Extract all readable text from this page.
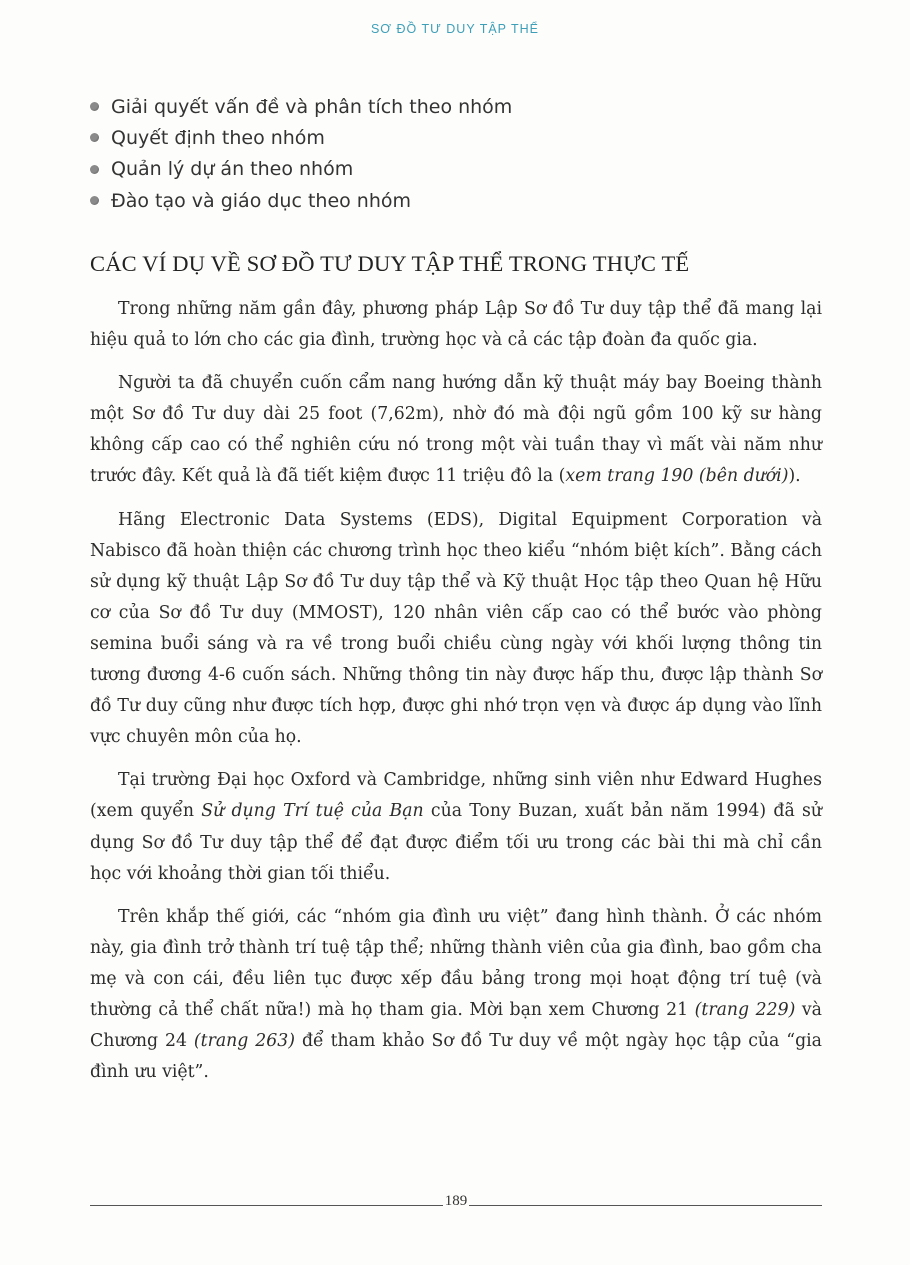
SƠ ĐỒ TƯ DUY TẬP THỂ
Giải quyết vấn đề và phân tích theo nhóm
Quyết định theo nhóm
Quản lý dự án theo nhóm
Đào tạo và giáo dục theo nhóm
CÁC VÍ DỤ VỀ SƠ ĐỒ TƯ DUY TẬP THỂ TRONG THỰC TẾ

Trong những năm gần đây, phương pháp Lập Sơ đồ Tư duy tập thể đã mang lại hiệu quả to lớn cho các gia đình, trường học và cả các tập đoàn đa quốc gia.

Người ta đã chuyển cuốn cẩm nang hướng dẫn kỹ thuật máy bay Boeing thành một Sơ đồ Tư duy dài 25 foot (7,62m), nhờ đó mà đội ngũ gồm 100 kỹ sư hàng không cấp cao có thể nghiên cứu nó trong một vài tuần thay vì mất vài năm như trước đây. Kết quả là đã tiết kiệm được 11 triệu đô la (xem trang 190 (bên dưới)).

Hãng Electronic Data Systems (EDS), Digital Equipment Corporation và Nabisco đã hoàn thiện các chương trình học theo kiểu “nhóm biệt kích”. Bằng cách sử dụng kỹ thuật Lập Sơ đồ Tư duy tập thể và Kỹ thuật Học tập theo Quan hệ Hữu cơ của Sơ đồ Tư duy (MMOST), 120 nhân viên cấp cao có thể bước vào phòng semina buổi sáng và ra về trong buổi chiều cùng ngày với khối lượng thông tin tương đương 4-6 cuốn sách. Những thông tin này được hấp thu, được lập thành Sơ đồ Tư duy cũng như được tích hợp, được ghi nhớ trọn vẹn và được áp dụng vào lĩnh vực chuyên môn của họ.

Tại trường Đại học Oxford và Cambridge, những sinh viên như Edward Hughes (xem quyển Sử dụng Trí tuệ của Bạn của Tony Buzan, xuất bản năm 1994) đã sử dụng Sơ đồ Tư duy tập thể để đạt được điểm tối ưu trong các bài thi mà chỉ cần học với khoảng thời gian tối thiểu.

Trên khắp thế giới, các “nhóm gia đình ưu việt” đang hình thành. Ở các nhóm này, gia đình trở thành trí tuệ tập thể; những thành viên của gia đình, bao gồm cha mẹ và con cái, đều liên tục được xếp đầu bảng trong mọi hoạt động trí tuệ (và thường cả thể chất nữa!) mà họ tham gia. Mời bạn xem Chương 21 (trang 229) và Chương 24 (trang 263) để tham khảo Sơ đồ Tư duy về một ngày học tập của “gia đình ưu việt”.

189
